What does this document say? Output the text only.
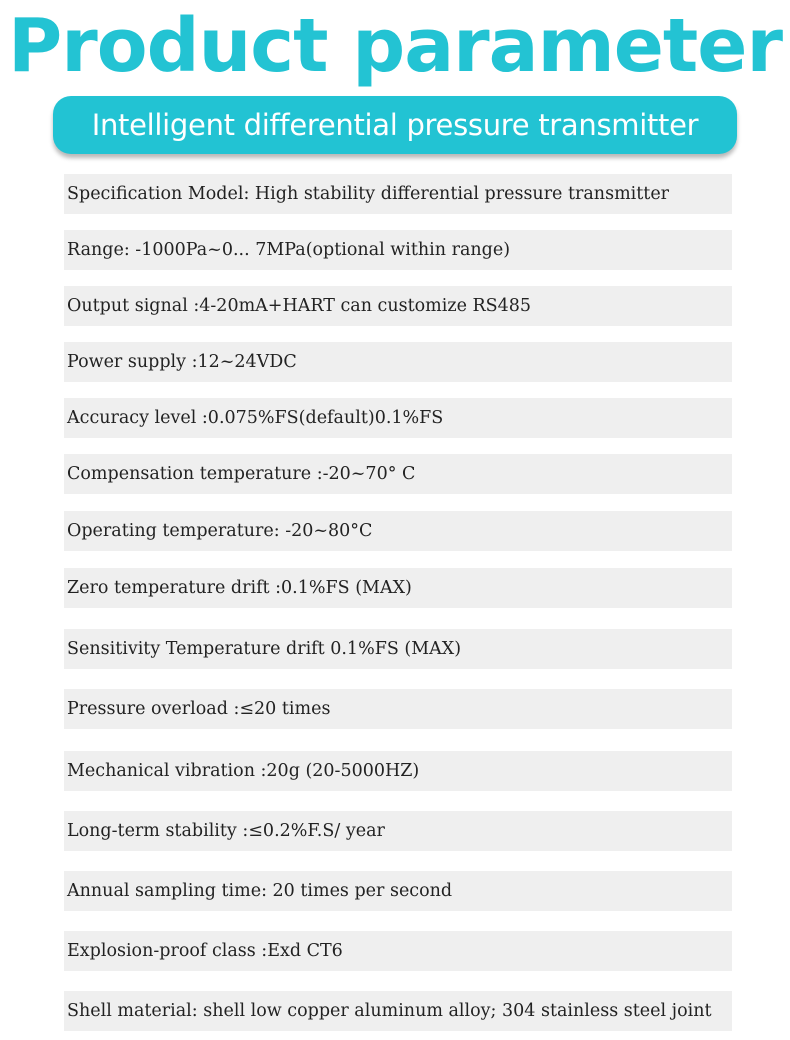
Product parameter
Intelligent differential pressure transmitter
Specification Model: High stability differential pressure transmitter
Range: -1000Pa~0... 7MPa(optional within range)
Output signal :4-20mA+HART can customize RS485
Power supply :12~24VDC
Accuracy level :0.075%FS(default)0.1%FS
Compensation temperature :-20~70° C
Operating temperature: -20~80°C
Zero temperature drift :0.1%FS (MAX)
Sensitivity Temperature drift 0.1%FS (MAX)
Pressure overload :≤20 times
Mechanical vibration :20g (20-5000HZ)
Long-term stability :≤0.2%F.S/ year
Annual sampling time: 20 times per second
Explosion-proof class :Exd CT6
Shell material: shell low copper aluminum alloy; 304 stainless steel joint
